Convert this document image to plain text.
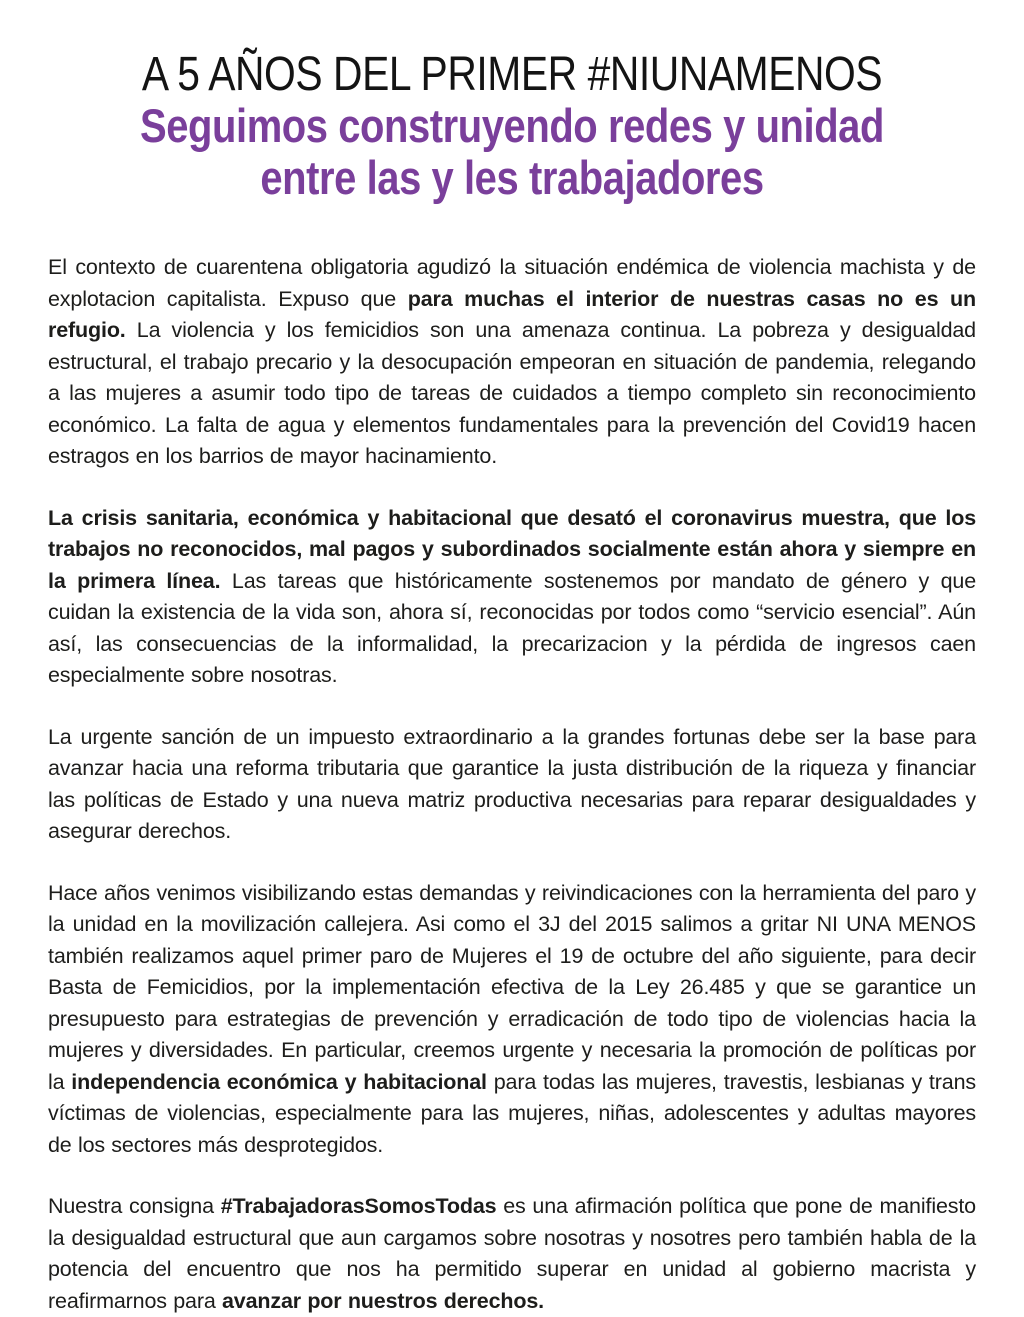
A 5 AÑOS DEL PRIMER #NIUNAMENOS
Seguimos construyendo redes y unidad
entre las y les trabajadores

El contexto de cuarentena obligatoria agudizó la situación endémica de violencia machista y de explotacion capitalista. Expuso que para muchas el interior de nuestras casas no es un refugio. La violencia y los femicidios son una amenaza continua. La pobreza y desigualdad estructural, el trabajo precario y la desocupación empeoran en situación de pandemia, relegando a las mujeres a asumir todo tipo de tareas de cuidados a tiempo completo sin reconocimiento económico. La falta de agua y elementos fundamentales para la prevención del Covid19 hacen estragos en los barrios de mayor hacinamiento.

La crisis sanitaria, económica y habitacional que desató el coronavirus muestra, que los trabajos no reconocidos, mal pagos y subordinados socialmente están ahora y siempre en la primera línea. Las tareas que históricamente sostenemos por mandato de género y que cuidan la existencia de la vida son, ahora sí, reconocidas por todos como “servicio esencial”. Aún así, las consecuencias de la informalidad, la precarizacion y la pérdida de ingresos caen especialmente sobre nosotras.

La urgente sanción de un impuesto extraordinario a la grandes fortunas debe ser la base para avanzar hacia una reforma tributaria que garantice la justa distribución de la riqueza y financiar las políticas de Estado y una nueva matriz productiva necesarias para reparar desigualdades y asegurar derechos.

Hace años venimos visibilizando estas demandas y reivindicaciones con la herramienta del paro y la unidad en la movilización callejera. Asi como el 3J del 2015 salimos a gritar NI UNA MENOS también realizamos aquel primer paro de Mujeres el 19 de octubre del año siguiente, para decir Basta de Femicidios, por la implementación efectiva de la Ley 26.485 y que se garantice un presupuesto para estrategias de prevención y erradicación de todo tipo de violencias hacia la mujeres y diversidades. En particular, creemos urgente y necesaria la promoción de políticas por la independencia económica y habitacional para todas las mujeres, travestis, lesbianas y trans víctimas de violencias, especialmente para las mujeres, niñas, adolescentes y adultas mayores de los sectores más desprotegidos.

Nuestra consigna #TrabajadorasSomosTodas es una afirmación política que pone de manifiesto la desigualdad estructural que aun cargamos sobre nosotras y nosotres pero también habla de la potencia del encuentro que nos ha permitido superar en unidad al gobierno macrista y reafirmarnos para avanzar por nuestros derechos.
